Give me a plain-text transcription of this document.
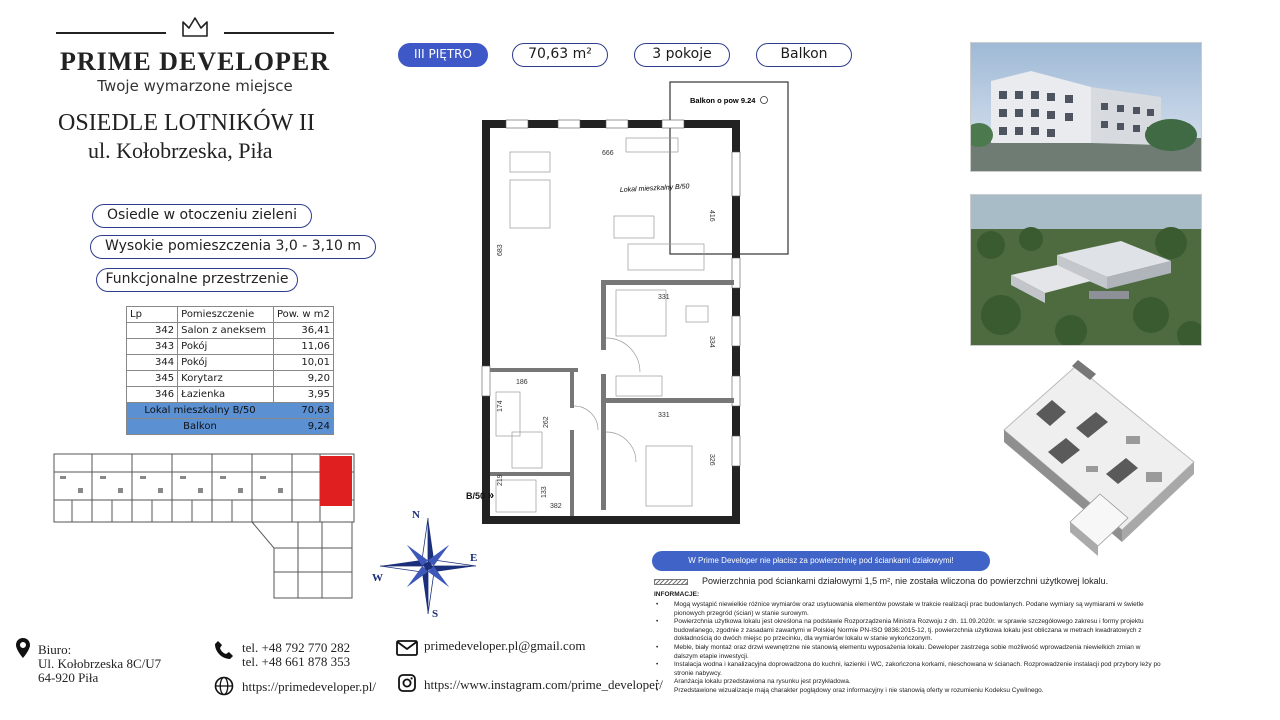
PRIME DEVELOPER
Twoje wymarzone miejsce
OSIEDLE LOTNIKÓW II
ul. Kołobrzeska, Piła
Osiedle w otoczeniu zieleni
Wysokie pomieszczenia 3,0 - 3,10 m
Funkcjonalne przestrzenie
Lp	Pomieszczenie	Pow. w m2
342	Salon z aneksem	36,41
343	Pokój	11,06
344	Pokój	10,01
345	Korytarz	9,20
346	Łazienka	3,95
Lokal mieszkalny B/50		70,63
Balkon		9,24
N
E
S
W
III PIĘTRO	70,63 m²	3 pokoje	Balkon
Balkon o pow 9.24
666
416
683
331
334
331
326
186
174
262
382
133
219
Lokal mieszkalny B/50
B/50 »
W Prime Developer nie płacisz za powierzchnię pod ściankami działowymi!
Powierzchnia pod ściankami działowymi 1,5 m², nie została wliczona do powierzchni użytkowej lokalu.
INFORMACJE:
• Mogą wystąpić niewielkie różnice wymiarów oraz usytuowania elementów powstałe w trakcie realizacji prac budowlanych. Podane wymiary są wymiarami w świetle pionowych przegród (ścian) w stanie surowym.
• Powierzchnia użytkowa lokalu jest określona na podstawie Rozporządzenia Ministra Rozwoju z dn. 11.09.2020r. w sprawie szczegółowego zakresu i formy projektu budowlanego, zgodnie z zasadami zawartymi w Polskiej Normie PN-ISO 9836:2015-12, tj. powierzchnia użytkowa lokalu jest obliczana w metrach kwadratowych z dokładnością do dwóch miejsc po przecinku, dla wymiarów lokalu w stanie wykończonym.
• Meble, biały montaż oraz drzwi wewnętrzne nie stanowią elementu wyposażenia lokalu. Deweloper zastrzega sobie możliwość wprowadzenia niewielkich zmian w dalszym etapie inwestycji.
• Instalacja wodna i kanalizacyjna doprowadzona do kuchni, łazienki i WC, zakończona korkami, nieschowana w ścianach. Rozprowadzenie instalacji pod przybory leży po stronie nabywcy.
• Aranżacja lokalu przedstawiona na rysunku jest przykładowa.
• Przedstawione wizualizacje mają charakter poglądowy oraz informacyjny i nie stanowią oferty w rozumieniu Kodeksu Cywilnego.
Biuro:
Ul. Kołobrzeska 8C/U7
64-920 Piła
tel. +48 792 770 282
tel. +48 661 878 353
https://primedeveloper.pl/
primedeveloper.pl@gmail.com
https://www.instagram.com/prime_developer/
